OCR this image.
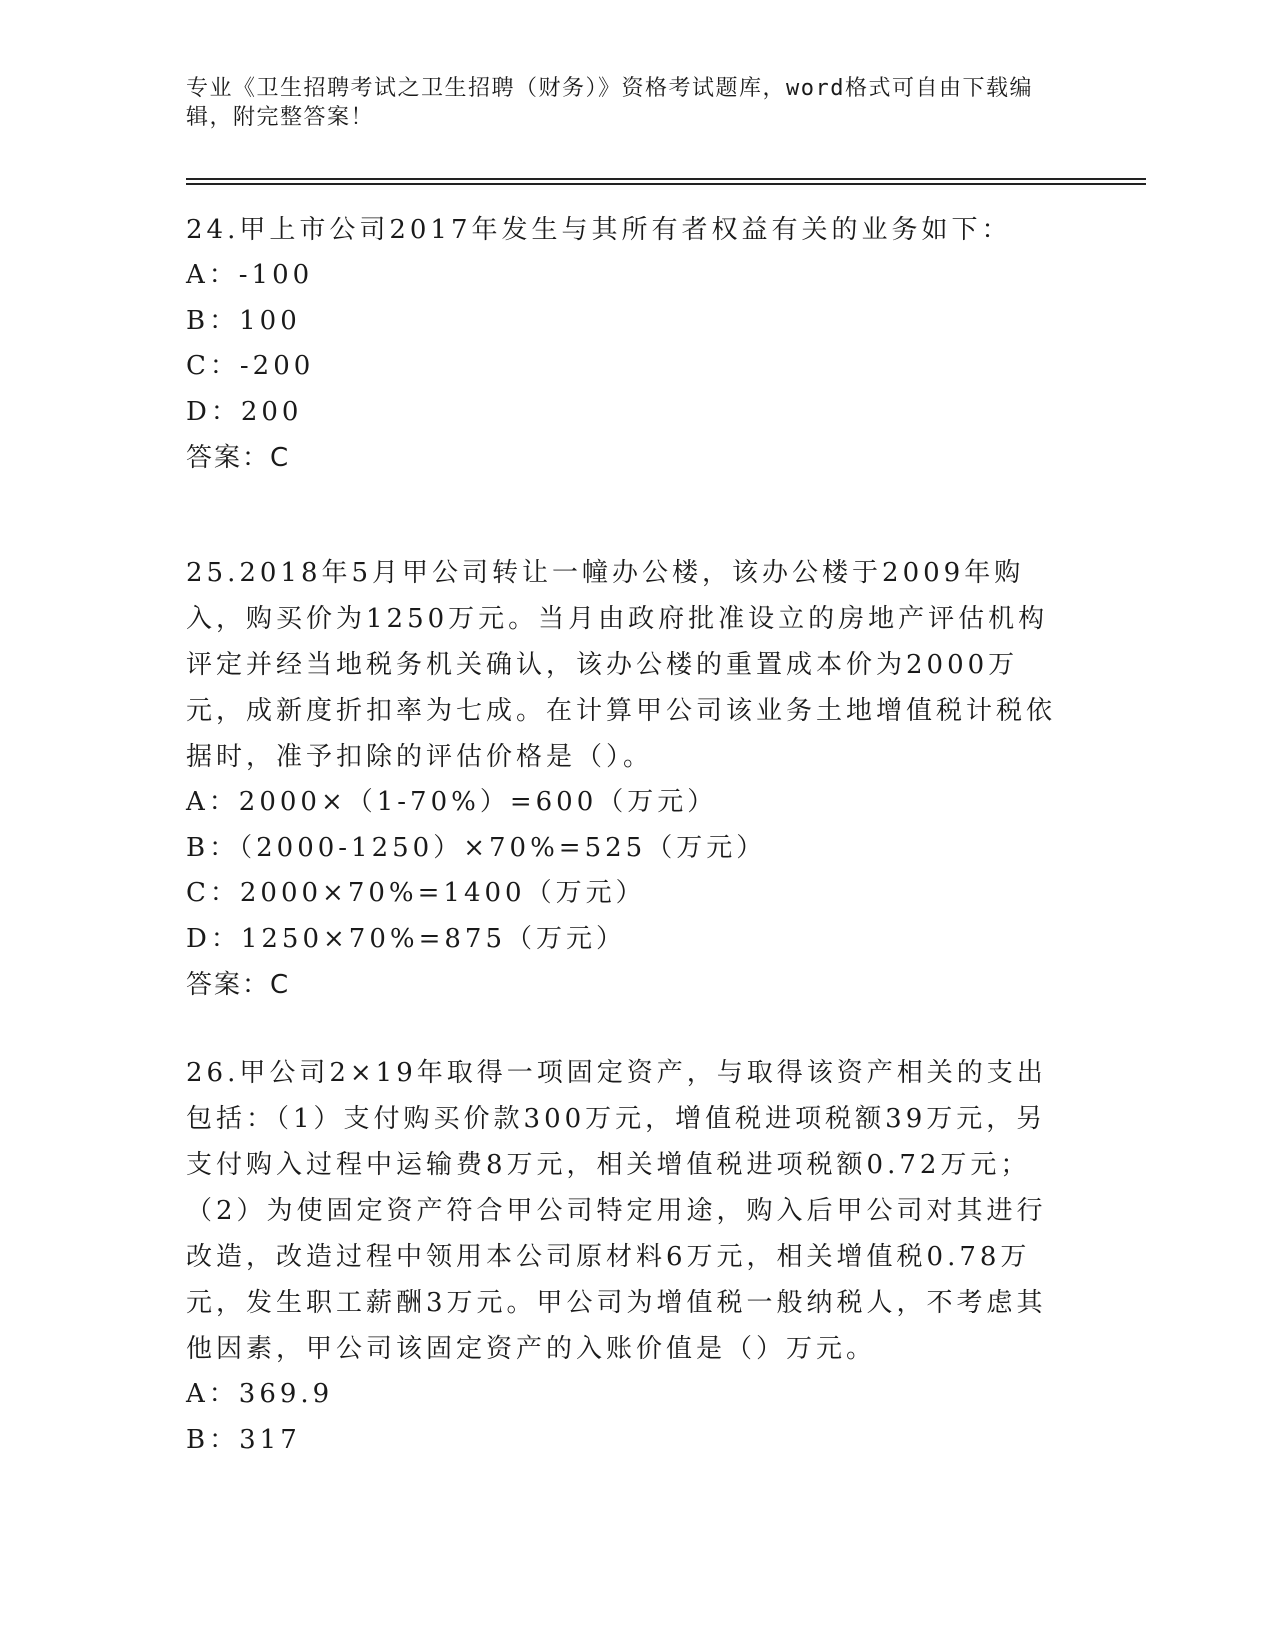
专业《卫生招聘考试之卫生招聘（财务）》资格考试题库，word格式可自由下载编辑，附完整答案！
24.甲上市公司2017年发生与其所有者权益有关的业务如下：
A：-100
B：100
C：-200
D：200
答案：C
25.2018年5月甲公司转让一幢办公楼，该办公楼于2009年购入，购买价为1250万元。当月由政府批准设立的房地产评估机构评定并经当地税务机关确认，该办公楼的重置成本价为2000万元，成新度折扣率为七成。在计算甲公司该业务土地增值税计税依据时，准予扣除的评估价格是（）。
A：2000×（1-70%）=600（万元）
B：（2000-1250）×70%=525（万元）
C：2000×70%=1400（万元）
D：1250×70%=875（万元）
答案：C
26.甲公司2×19年取得一项固定资产，与取得该资产相关的支出包括：（1）支付购买价款300万元，增值税进项税额39万元，另支付购入过程中运输费8万元，相关增值税进项税额0.72万元；（2）为使固定资产符合甲公司特定用途，购入后甲公司对其进行改造，改造过程中领用本公司原材料6万元，相关增值税0.78万元，发生职工薪酬3万元。甲公司为增值税一般纳税人，不考虑其他因素，甲公司该固定资产的入账价值是（）万元。
A：369.9
B：317
